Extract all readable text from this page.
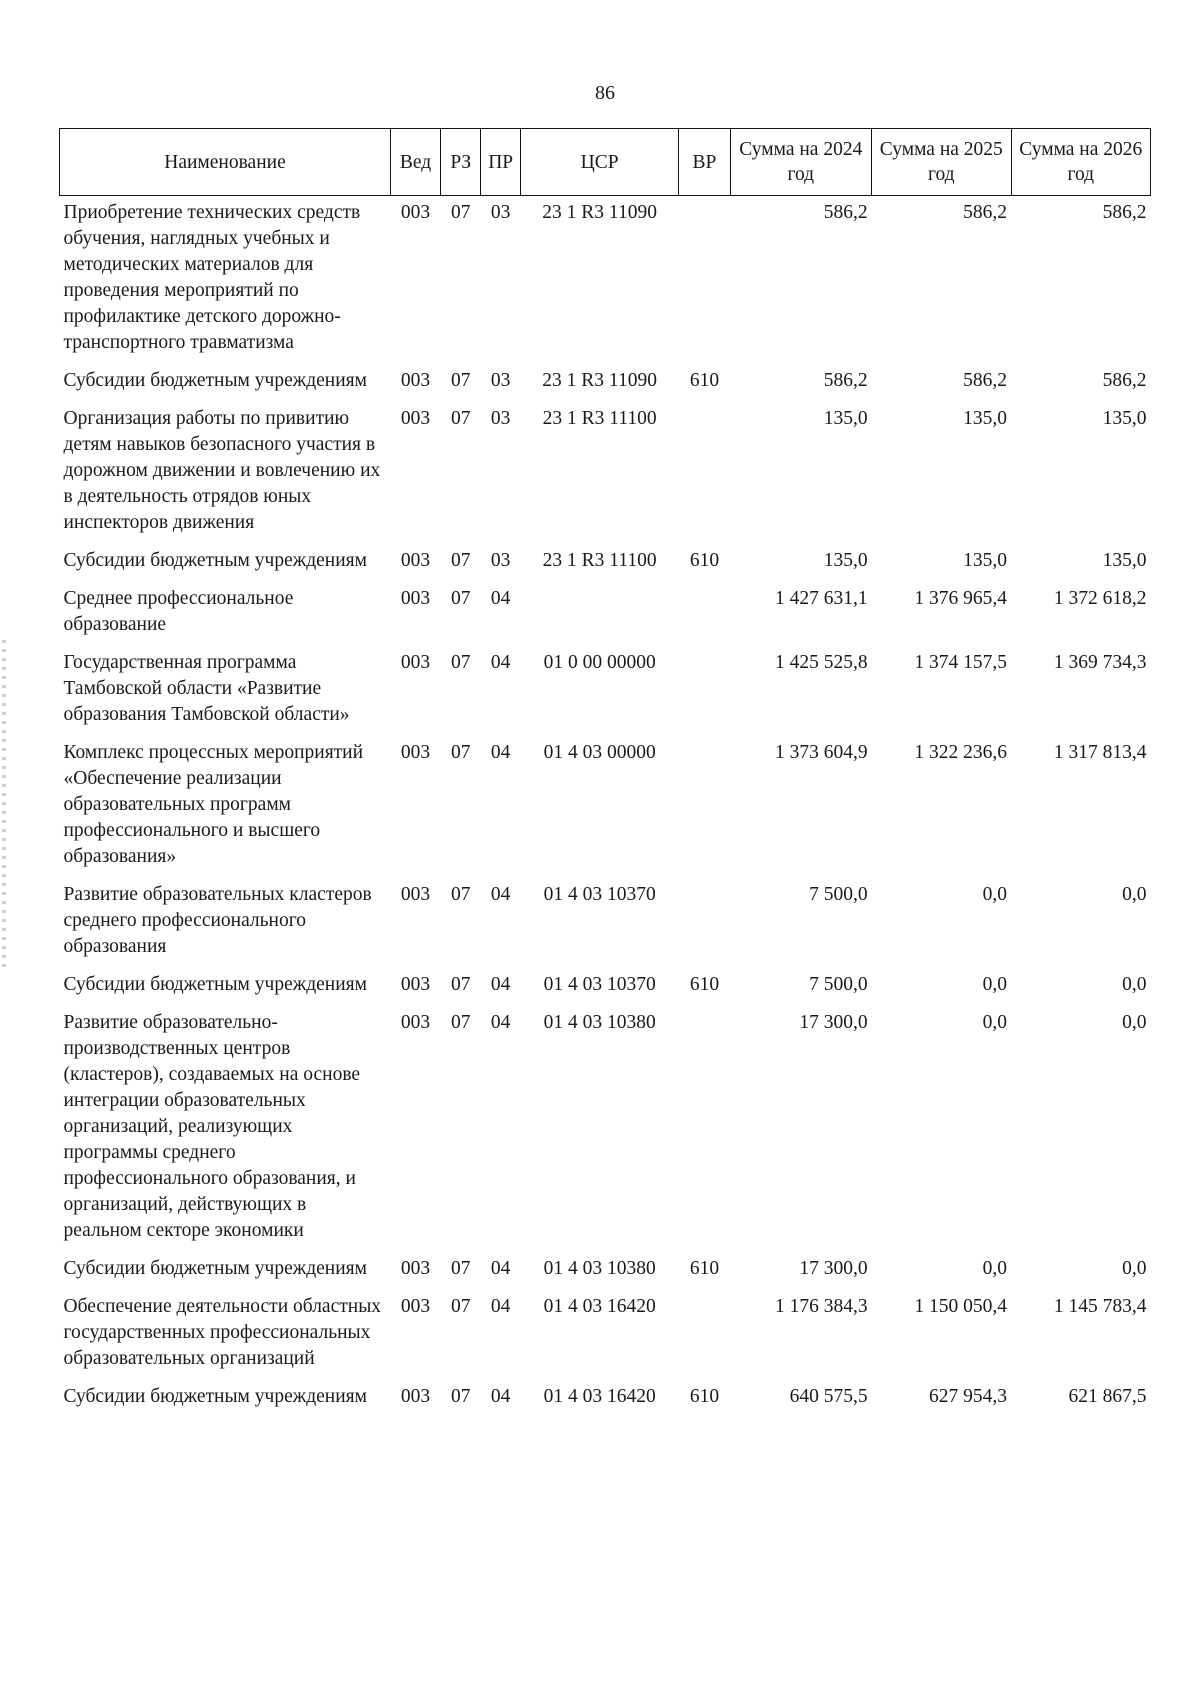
86
Наименование	Вед	РЗ	ПР	ЦСР	ВР	Сумма на 2024 год	Сумма на 2025 год	Сумма на 2026 год
Приобретение технических средств обучения, наглядных учебных и методических материалов для проведения мероприятий по профилактике детского дорожно-транспортного травматизма	003	07	03	23 1 R3 11090		586,2	586,2	586,2
Субсидии бюджетным учреждениям	003	07	03	23 1 R3 11090	610	586,2	586,2	586,2
Организация работы по привитию детям навыков безопасного участия в дорожном движении и вовлечению их в деятельность отрядов юных инспекторов движения	003	07	03	23 1 R3 11100		135,0	135,0	135,0
Субсидии бюджетным учреждениям	003	07	03	23 1 R3 11100	610	135,0	135,0	135,0
Среднее профессиональное образование	003	07	04			1 427 631,1	1 376 965,4	1 372 618,2
Государственная программа Тамбовской области «Развитие образования Тамбовской области»	003	07	04	01 0 00 00000		1 425 525,8	1 374 157,5	1 369 734,3
Комплекс процессных мероприятий «Обеспечение реализации образовательных программ профессионального и высшего образования»	003	07	04	01 4 03 00000		1 373 604,9	1 322 236,6	1 317 813,4
Развитие образовательных кластеров среднего профессионального образования	003	07	04	01 4 03 10370		7 500,0	0,0	0,0
Субсидии бюджетным учреждениям	003	07	04	01 4 03 10370	610	7 500,0	0,0	0,0
Развитие образовательно-производственных центров (кластеров), создаваемых на основе интеграции образовательных организаций, реализующих программы среднего профессионального образования, и организаций, действующих в реальном секторе экономики	003	07	04	01 4 03 10380		17 300,0	0,0	0,0
Субсидии бюджетным учреждениям	003	07	04	01 4 03 10380	610	17 300,0	0,0	0,0
Обеспечение деятельности областных государственных профессиональных образовательных организаций	003	07	04	01 4 03 16420		1 176 384,3	1 150 050,4	1 145 783,4
Субсидии бюджетным учреждениям	003	07	04	01 4 03 16420	610	640 575,5	627 954,3	621 867,5
